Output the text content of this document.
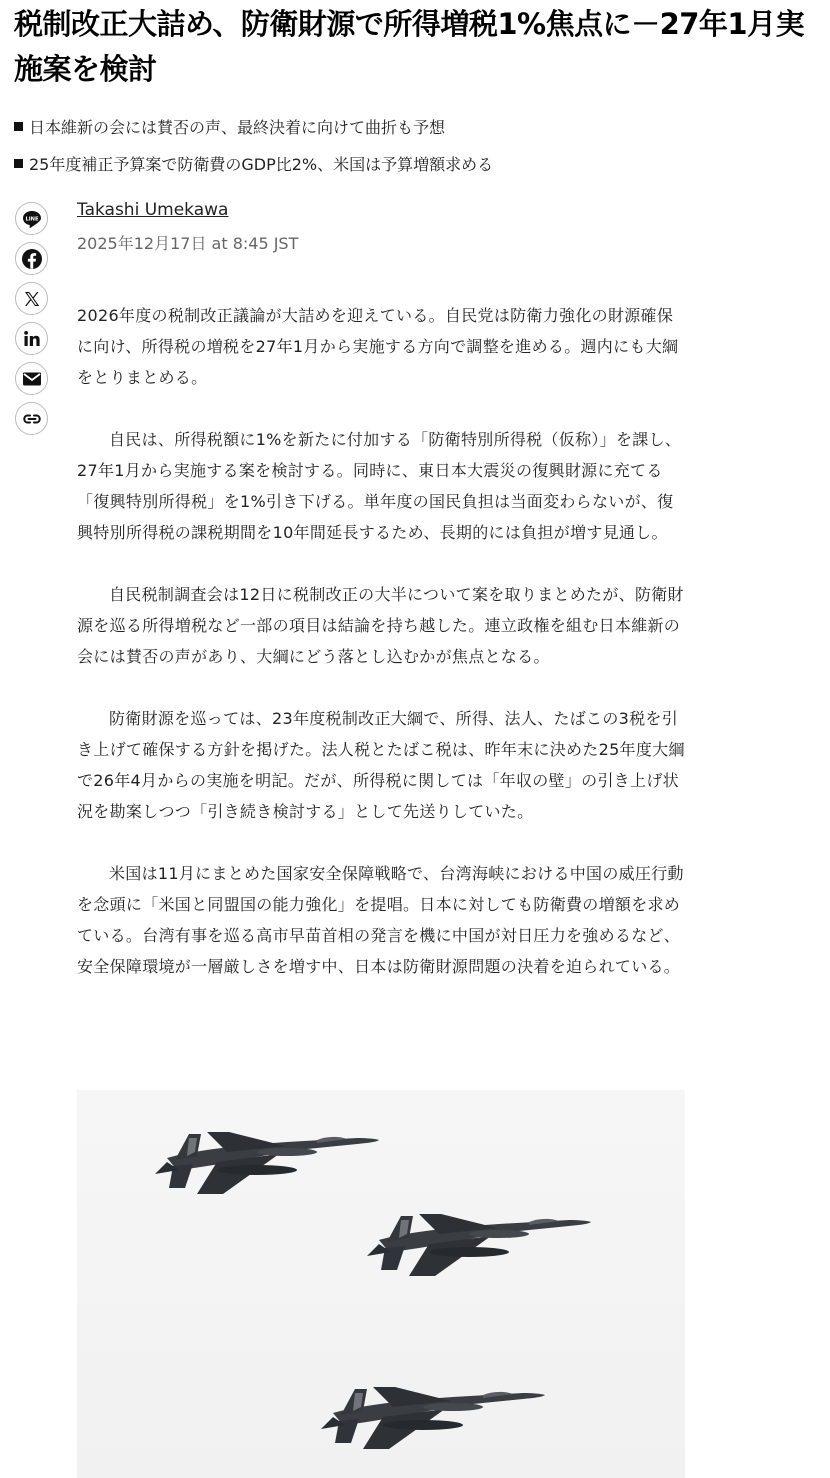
税制改正大詰め、防衛財源で所得増税1%焦点に－27年1月実施案を検討
日本維新の会には賛否の声、最終決着に向けて曲折も予想
25年度補正予算案で防衛費のGDP比2%、米国は予算増額求める
LINE Takashi Umekawa
2025年12月17日 at 8:45 JST

2026年度の税制改正議論が大詰めを迎えている。自民党は防衛力強化の財源確保に向け、所得税の増税を27年1月から実施する方向で調整を進める。週内にも大綱をとりまとめる。

自民は、所得税額に1%を新たに付加する「防衛特別所得税（仮称）」を課し、27年1月から実施する案を検討する。同時に、東日本大震災の復興財源に充てる「復興特別所得税」を1%引き下げる。単年度の国民負担は当面変わらないが、復興特別所得税の課税期間を10年間延長するため、長期的には負担が増す見通し。

自民税制調査会は12日に税制改正の大半について案を取りまとめたが、防衛財源を巡る所得増税など一部の項目は結論を持ち越した。連立政権を組む日本維新の会には賛否の声があり、大綱にどう落とし込むかが焦点となる。

防衛財源を巡っては、23年度税制改正大綱で、所得、法人、たばこの3税を引き上げて確保する方針を掲げた。法人税とたばこ税は、昨年末に決めた25年度大綱で26年4月からの実施を明記。だが、所得税に関しては「年収の壁」の引き上げ状況を勘案しつつ「引き続き検討する」として先送りしていた。

米国は11月にまとめた国家安全保障戦略で、台湾海峡における中国の威圧行動を念頭に「米国と同盟国の能力強化」を提唱。日本に対しても防衛費の増額を求めている。台湾有事を巡る高市早苗首相の発言を機に中国が対日圧力を強めるなど、安全保障環境が一層厳しさを増す中、日本は防衛財源問題の決着を迫られている。
